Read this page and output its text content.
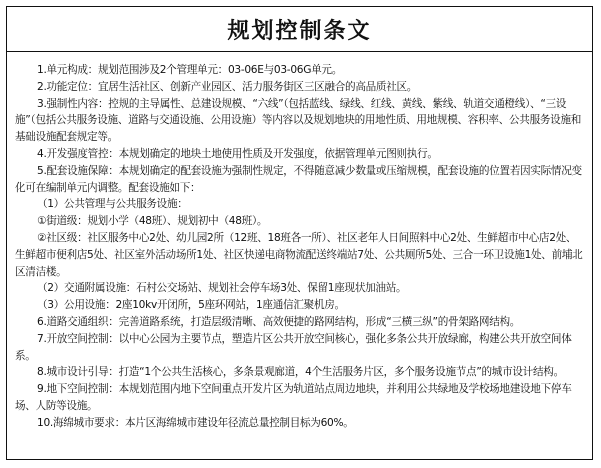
规划控制条文

1.单元构成：规划范围涉及2个管理单元：03-06E与03-06G单元。

2.功能定位：宜居生活社区、创新产业园区、活力服务街区三区融合的高品质社区。

3.强制性内容：控规的主导属性、总建设规模、“六线”（包括蓝线、绿线、红线、黄线、紫线、轨道交通橙线）、“三设施”（包括公共服务设施、道路与交通设施、公用设施）等内容以及规划地块的用地性质、用地规模、容积率、公共服务设施和基础设施配套规定等。

4.开发强度管控：本规划确定的地块土地使用性质及开发强度，依据管理单元图则执行。

5.配套设施保障：本规划确定的配套设施为强制性规定，不得随意减少数量或压缩规模，配套设施的位置若因实际情况变化可在编制单元内调整。配套设施如下：

（1）公共管理与公共服务设施：

①街道级：规划小学（48班）、规划初中（48班）。

②社区级：社区服务中心2处、幼儿园2所（12班、18班各一所）、社区老年人日间照料中心2处、生鲜超市中心店2处、生鲜超市便利店5处、社区室外活动场所1处、社区快递电商物流配送终端站7处、公共厕所5处、三合一环卫设施1处、前埔北区清洁楼。

（2）交通附属设施：石村公交场站、规划社会停车场3处、保留1座现状加油站。

（3）公用设施：2座10kv开闭所，5座环网站，1座通信汇聚机房。

6.道路交通组织：完善道路系统，打造层级清晰、高效便捷的路网结构，形成“三横三纵”的骨架路网结构。

7.开放空间控制：以中心公园为主要节点，塑造片区公共开放空间核心，强化多条公共开放绿廊，构建公共开放空间体系。

8.城市设计引导：打造“1个公共生活核心，多条景观廊道，4个生活服务片区，多个服务设施节点”的城市设计结构。

9.地下空间控制：本规划范围内地下空间重点开发片区为轨道站点周边地块，并利用公共绿地及学校场地建设地下停车场、人防等设施。

10.海绵城市要求：本片区海绵城市建设年径流总量控制目标为60%。
